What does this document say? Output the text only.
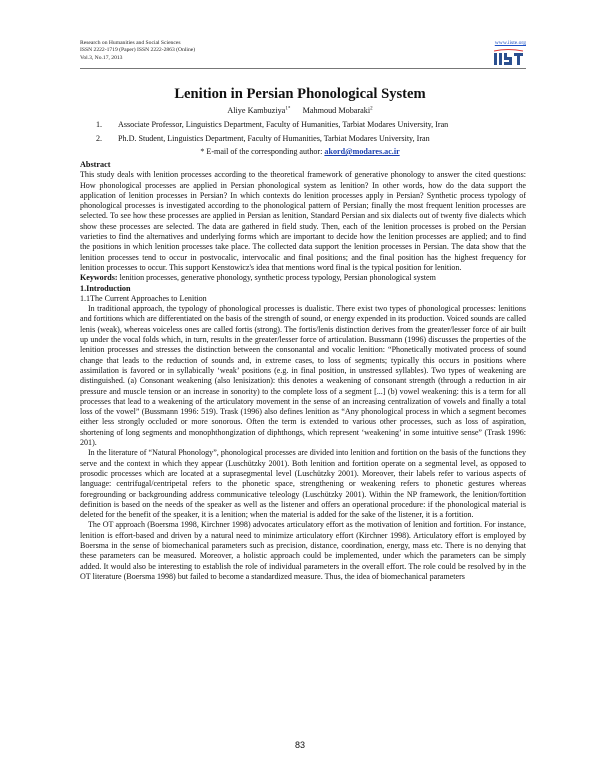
Research on Humanities and Social Sciences
ISSN 2222-1719 (Paper) ISSN 2222-2863 (Online)
Vol.3, No.17, 2013
www.iiste.org
Lenition in Persian Phonological System
Aliye Kambuziya$^{1*}$ Mahmoud Mobaraki$^2$
1. Associate Professor, Linguistics Department, Faculty of Humanities, Tarbiat Modares University, Iran
2. Ph.D. Student, Linguistics Department, Faculty of Humanities, Tarbiat Modares University, Iran
* E-mail of the corresponding author: akord@modares.ac.ir
Abstract

This study deals with lenition processes according to the theoretical framework of generative phonology to answer the cited questions: How phonological processes are applied in Persian phonological system as lenition? In other words, how do the data support the application of lenition processes in Persian? In which contexts do lenition processes apply in Persian? Synthetic process typology of phonological processes is investigated according to the phonological pattern of Persian; finally the most frequent lenition processes are selected. To see how these processes are applied in Persian as lenition, Standard Persian and six dialects out of twenty five dialects which show these processes are selected. The data are gathered in field study. Then, each of the lenition processes is probed on the Persian varieties to find the alternatives and underlying forms which are important to decide how the lenition processes are applied; and to find the positions in which lenition processes take place. The collected data support the lenition processes in Persian. The data show that the lenition processes tend to occur in postvocalic, intervocalic and final positions; and the final position has the highest frequency for lenition processes to occur. This support Kenstowicz's idea that mentions word final is the typical position for lenition.

Keywords: lenition processes, generative phonology, synthetic process typology, Persian phonological system

1.Introduction

1.1The Current Approaches to Lenition

In traditional approach, the typology of phonological processes is dualistic. There exist two types of phonological processes: lenitions and fortitions which are differentiated on the basis of the strength of sound, or energy expended in its production. Voiced sounds are called lenis (weak), whereas voiceless ones are called fortis (strong). The fortis/lenis distinction derives from the greater/lesser force of air built up under the vocal folds which, in turn, results in the greater/lesser force of articulation. Bussmann (1996) discusses the properties of the lenition processes and stresses the distinction between the consonantal and vocalic lenition: “Phonetically motivated process of sound change that leads to the reduction of sounds and, in extreme cases, to loss of segments; typically this occurs in positions where assimilation is favored or in syllabically ‘weak’ positions (e.g. in final position, in unstressed syllables). Two types of weakening are distinguished. (a) Consonant weakening (also lenisization): this denotes a weakening of consonant strength (through a reduction in air pressure and muscle tension or an increase in sonority) to the complete loss of a segment [...] (b) vowel weakening: this is a term for all processes that lead to a weakening of the articulatory movement in the sense of an increasing centralization of vowels and finally a total loss of the vowel” (Bussmann 1996: 519). Trask (1996) also defines lenition as “Any phonological process in which a segment becomes either less strongly occluded or more sonorous. Often the term is extended to various other processes, such as loss of aspiration, shortening of long segments and monophthongization of diphthongs, which represent ‘weakening’ in some intuitive sense” (Trask 1996: 201).

In the literature of “Natural Phonology”, phonological processes are divided into lenition and fortition on the basis of the functions they serve and the context in which they appear (Luschützky 2001). Both lenition and fortition operate on a segmental level, as opposed to prosodic processes which are located at a suprasegmental level (Luschützky 2001). Moreover, their labels refer to various aspects of language: centrifugal/centripetal refers to the phonetic space, strengthening or weakening refers to phonetic gestures whereas foregrounding or backgrounding address communicative teleology (Luschützky 2001). Within the NP framework, the lenition/fortition definition is based on the needs of the speaker as well as the listener and offers an operational procedure: if the phonological material is deleted for the benefit of the speaker, it is a lenition; when the material is added for the sake of the listener, it is a fortition.

The OT approach (Boersma 1998, Kirchner 1998) advocates articulatory effort as the motivation of lenition and fortition. For instance, lenition is effort-based and driven by a natural need to minimize articulatory effort (Kirchner 1998). Articulatory effort is employed by Boersma in the sense of biomechanical parameters such as precision, distance, coordination, energy, mass etc. There is no denying that these parameters can be measured. Moreover, a holistic approach could be implemented, under which the parameters can be simply added. It would also be interesting to establish the role of individual parameters in the overall effort. The role could be resolved by in the OT literature (Boersma 1998) but failed to become a standardized measure. Thus, the idea of biomechanical parameters

83
